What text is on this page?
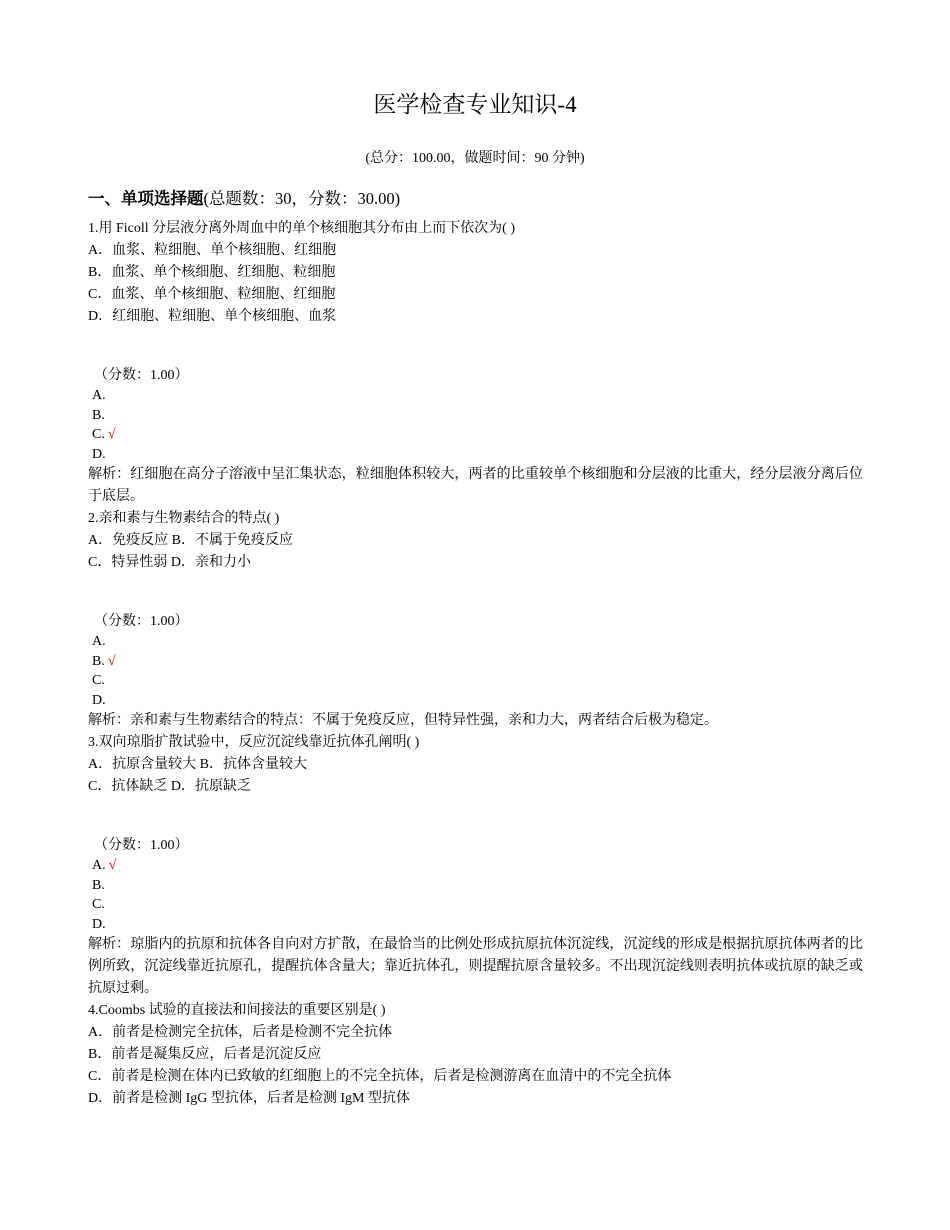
医学检查专业知识-4
(总分：100.00，做题时间：90 分钟)
一、单项选择题(总题数：30，分数：30.00)
1.用 Ficoll 分层液分离外周血中的单个核细胞其分布由上而下依次为( )
A．血浆、粒细胞、单个核细胞、红细胞
B．血浆、单个核细胞、红细胞、粒细胞
C．血浆、单个核细胞、粒细胞、红细胞
D．红细胞、粒细胞、单个核细胞、血浆
（分数：1.00）
A.
B.
C. √
D.
解析：红细胞在高分子溶液中呈汇集状态，粒细胞体积较大，两者的比重较单个核细胞和分层液的比重大，经分层液分离后位于底层。
2.亲和素与生物素结合的特点( )
A．免疫反应 B．不属于免疫反应
C．特异性弱 D．亲和力小
（分数：1.00）
A.
B. √
C.
D.
解析：亲和素与生物素结合的特点：不属于免疫反应，但特异性强，亲和力大，两者结合后极为稳定。
3.双向琼脂扩散试验中，反应沉淀线靠近抗体孔阐明( )
A．抗原含量较大 B．抗体含量较大
C．抗体缺乏 D．抗原缺乏
（分数：1.00）
A. √
B.
C.
D.
解析：琼脂内的抗原和抗体各自向对方扩散，在最恰当的比例处形成抗原抗体沉淀线，沉淀线的形成是根据抗原抗体两者的比例所致，沉淀线靠近抗原孔，提醒抗体含量大；靠近抗体孔，则提醒抗原含量较多。不出现沉淀线则表明抗体或抗原的缺乏或抗原过剩。
4.Coombs 试验的直接法和间接法的重要区别是( )
A．前者是检测完全抗体，后者是检测不完全抗体
B．前者是凝集反应，后者是沉淀反应
C．前者是检测在体内已致敏的红细胞上的不完全抗体，后者是检测游离在血清中的不完全抗体
D．前者是检测 IgG 型抗体，后者是检测 IgM 型抗体
